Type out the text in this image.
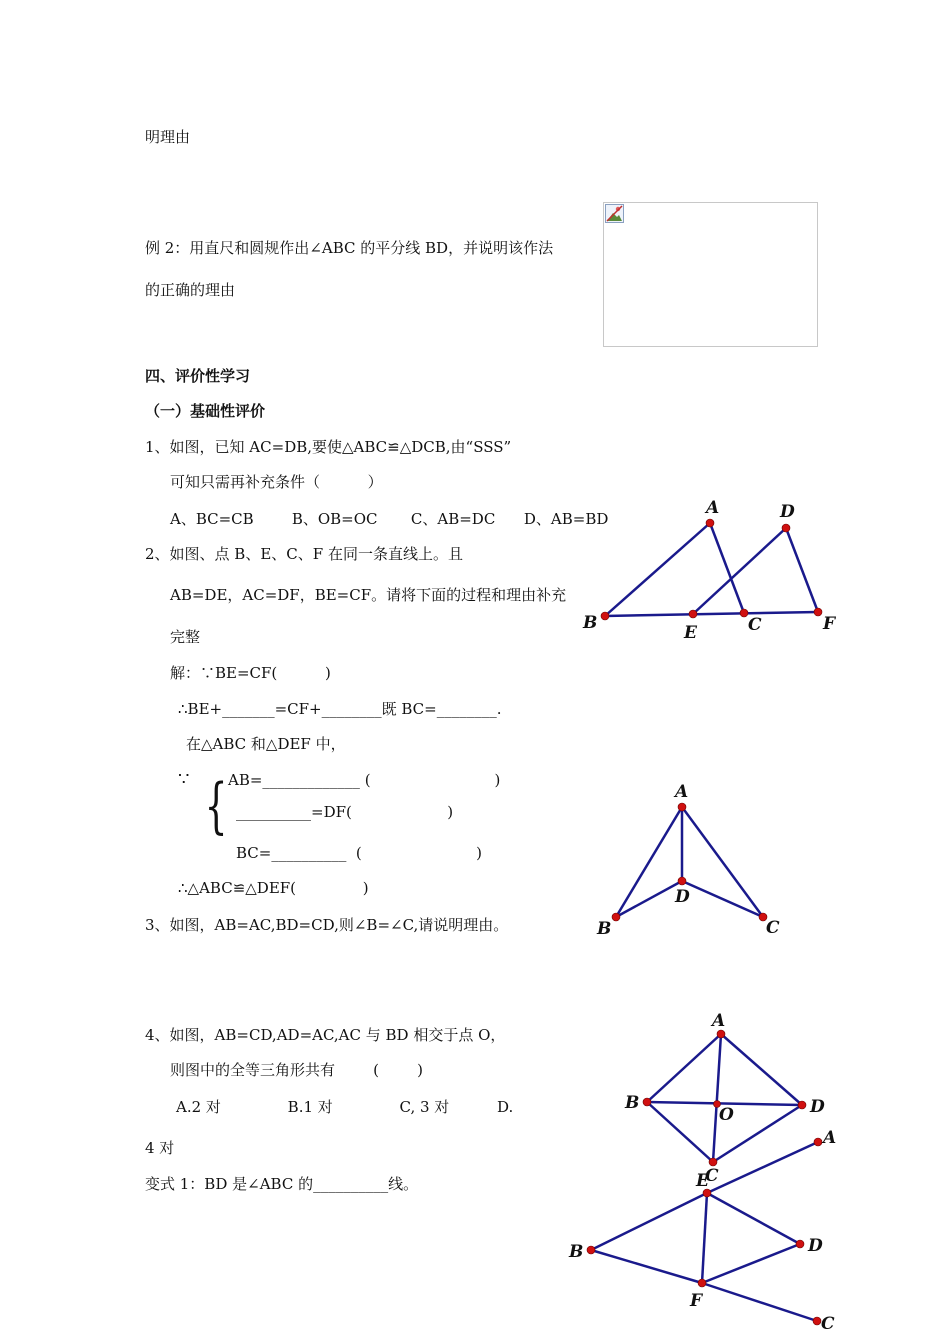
明理由
例 2：用直尺和圆规作出∠ABC 的平分线 BD，并说明该作法
的正确的理由
四、评价性学习
（一）基础性评价
1、如图，已知 AC=DB,要使△ABC≌△DCB,由“SSS”
可知只需再补充条件（          ）
A、BC=CB        B、OB=OC       C、AB=DC      D、AB=BD
2、如图、点 B、E、C、F 在同一条直线上。且
AB=DE，AC=DF，BE=CF。请将下面的过程和理由补充
完整
解：∵BE=CF(          )
∴BE+_______=CF+________既 BC=________.
在△ABC 和△DEF 中，
∵ { AB=_____________ (                          )
__________=DF(                    )
BC=__________  (                        )
∴△ABC≌△DEF(              )
3、如图，AB=AC,BD=CD,则∠B=∠C,请说明理由。
4、如图，AB=CD,AD=AC,AC 与 BD 相交于点 O，
则图中的全等三角形共有        (        )
A.2 对              B.1 对              C, 3 对          D.
4 对
变式 1：BD 是∠ABC 的__________线。
A	D
B	E	C	F
A
D
B	C
A
B
O	D
C
A
E
B	D
F
C
